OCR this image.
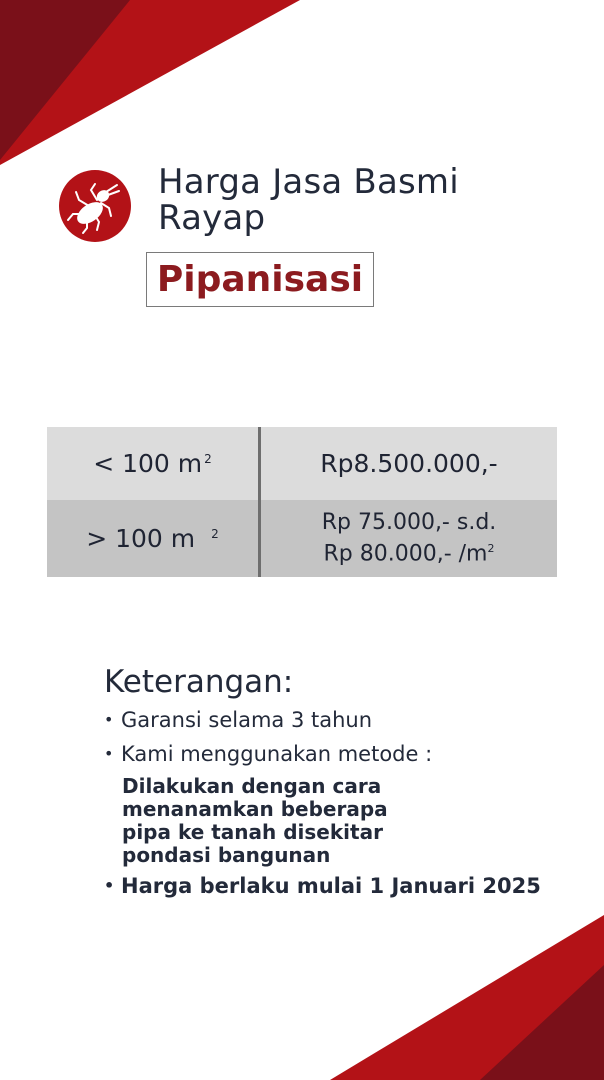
Harga Jasa Basmi
Rayap
Pipanisasi
< 100 m $^2$	Rp8.500.000,-
> 100 m $^2$	Rp 75.000,- s.d.
Rp 80.000,- $/m^2$
Keterangan:
• Garansi selama 3 tahun
• Kami menggunakan metode :
Dilakukan dengan cara
menanamkan beberapa
pipa ke tanah disekitar
pondasi bangunan
• Harga berlaku mulai 1 Januari 2025
